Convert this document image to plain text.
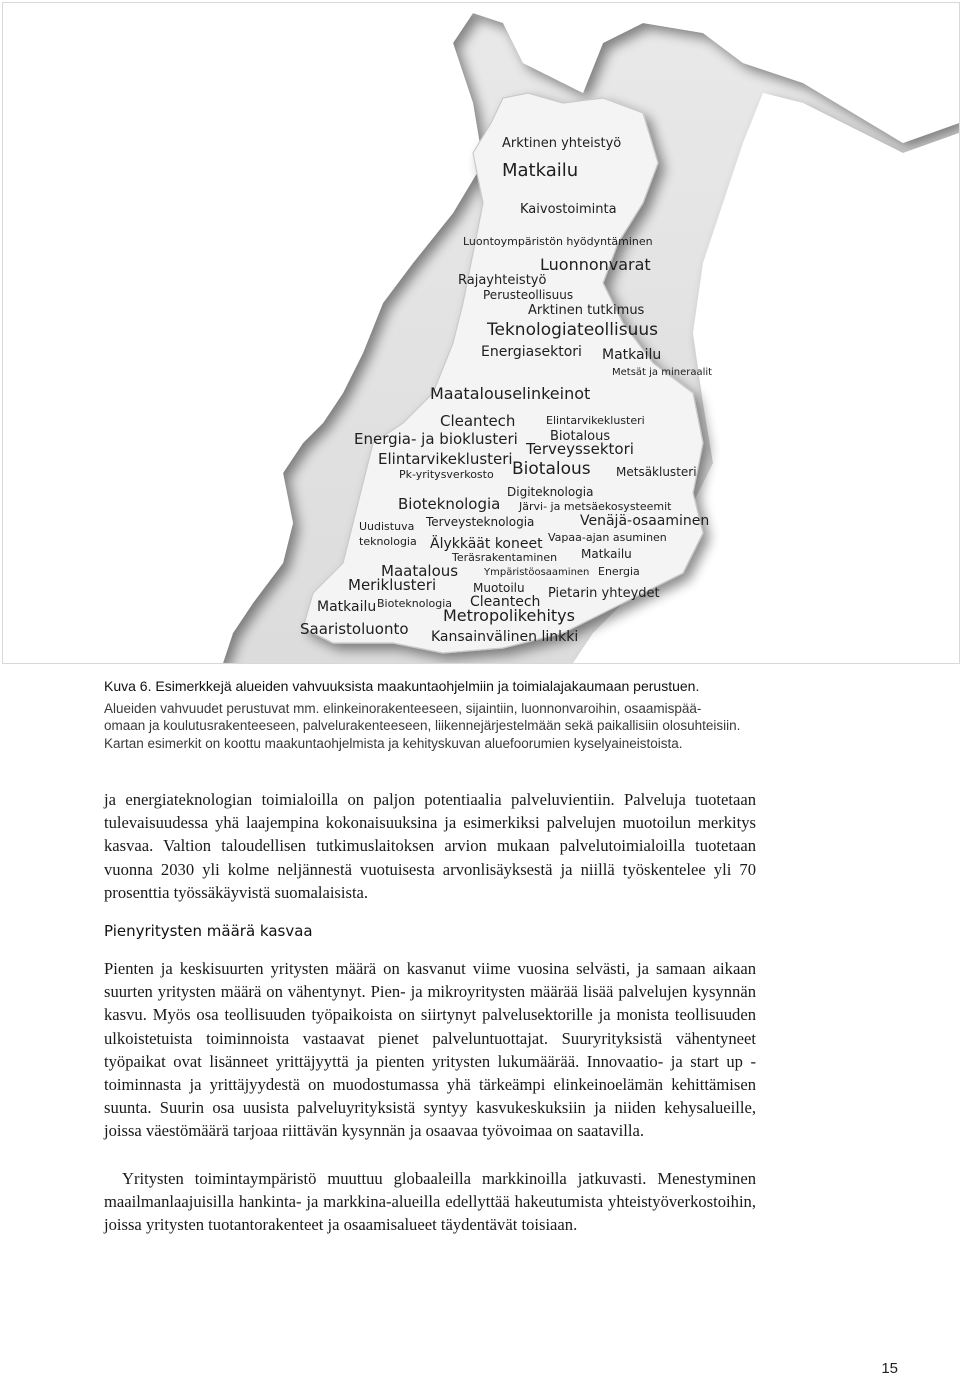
Arktinen yhteistyö
Matkailu
Kaivostoiminta
Luontoympäristön hyödyntäminen
Luonnonvarat
Rajayhteistyö
Perusteollisuus
Arktinen tutkimus
Teknologiateollisuus
Energiasektori Matkailu
Metsät ja mineraalit
Maatalouselinkeinot
Cleantech	Elintarvikeklusteri
Energia- ja bioklusteri Biotalous
Terveyssektori
Elintarvikeklusteri
Pk-yritysverkosto Biotalous Metsäklusteri
Digiteknologia
Bioteknologia Järvi- ja metsäekosysteemit
Uudistuva
teknologia
Terveysteknologia	Venäjä-osaaminen
Vapaa-ajan asuminen
Älykkäät koneet
Teräsrakentaminen Matkailu
Maatalous	Ympäristöosaaminen Energia
Meriklusteri	Muotoilu
Matkailu Bioteknologia Cleantech
Pietarin yhteydet
Metropolikehitys
Saaristoluonto Kansainvälinen linkki
Kuva 6. Esimerkkejä alueiden vahvuuksista maakuntaohjelmiin ja toimialajakaumaan perustuen.
Alueiden vahvuudet perustuvat mm. elinkeinorakenteeseen, sijaintiin, luonnonvaroihin, osaamispää-
omaan ja koulutusrakenteeseen, palvelurakenteeseen, liikennejärjestelmään sekä paikallisiin olosuhteisiin.
Kartan esimerkit on koottu maakuntaohjelmista ja kehityskuvan aluefoorumien kyselyaineistoista.

ja energiateknologian toimialoilla on paljon potentiaalia palveluvientiin. Palveluja tuotetaan tulevaisuudessa yhä laajempina kokonaisuuksina ja esimerkiksi palvelujen muotoilun merkitys kasvaa. Valtion taloudellisen tutkimuslaitoksen arvion mukaan palvelutoimialoilla tuotetaan vuonna 2030 yli kolme neljännestä vuotuisesta arvonlisäyksestä ja niillä työskentelee yli 70 prosenttia työssäkäyvistä suomalaisista.

Pienyritysten määrä kasvaa

Pienten ja keskisuurten yritysten määrä on kasvanut viime vuosina selvästi, ja samaan aikaan suurten yritysten määrä on vähentynyt. Pien- ja mikroyritysten määrää lisää palvelujen kysynnän kasvu. Myös osa teollisuuden työpaikoista on siirtynyt palvelusektorille ja monista teollisuuden ulkoistetuista toiminnoista vastaavat pienet palveluntuottajat. Suuryrityksistä vähentyneet työpaikat ovat lisänneet yrittäjyyttä ja pienten yritysten lukumäärää. Innovaatio- ja start up -toiminnasta ja yrittäjyydestä on muodostumassa yhä tärkeämpi elinkeinoelämän kehittämisen suunta. Suurin osa uusista palveluyrityksistä syntyy kasvukeskuksiin ja niiden kehysalueille, joissa väestömäärä tarjoaa riittävän kysynnän ja osaavaa työvoimaa on saatavilla.

Yritysten toimintaympäristö muuttuu globaaleilla markkinoilla jatkuvasti. Menestyminen maailmanlaajuisilla hankinta- ja markkina-alueilla edellyttää hakeutumista yhteistyöverkostoihin, joissa yritysten tuotantorakenteet ja osaamisalueet täydentävät toisiaan.

15
